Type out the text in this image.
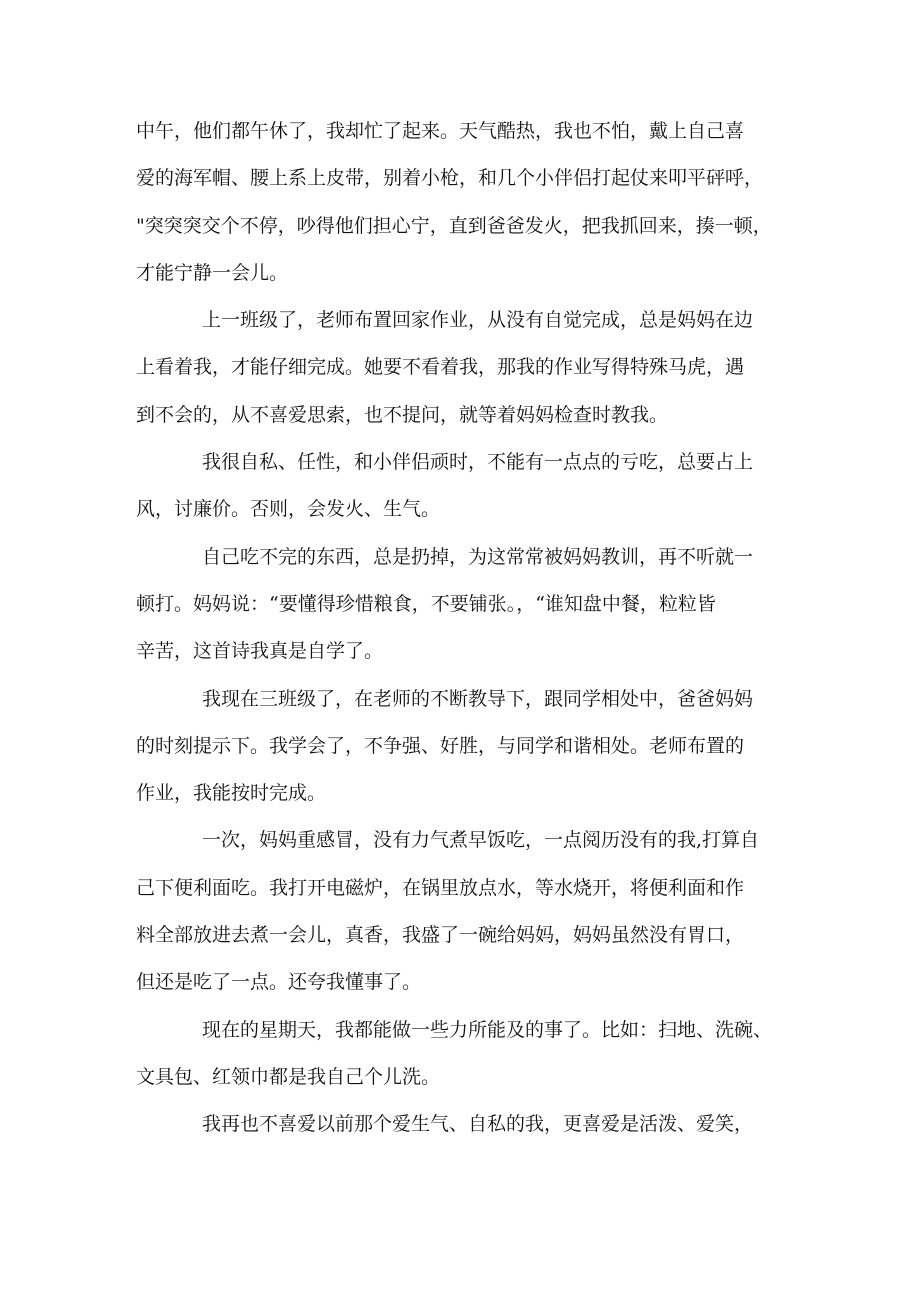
中午，他们都午休了，我却忙了起来。天气酷热，我也不怕，戴上自己喜
爱的海军帽、腰上系上皮带，别着小枪，和几个小伴侣打起仗来叩平砰呼，
"突突突交个不停，吵得他们担心宁，直到爸爸发火，把我抓回来，揍一顿，
才能宁静一会儿。
上一班级了，老师布置回家作业，从没有自觉完成，总是妈妈在边
上看着我，才能仔细完成。她要不看着我，那我的作业写得特殊马虎，遇
到不会的，从不喜爱思索，也不提问，就等着妈妈检查时教我。
我很自私、任性，和小伴侣顽时，不能有一点点的亏吃，总要占上
风，讨廉价。否则，会发火、生气。
自己吃不完的东西，总是扔掉，为这常常被妈妈教训，再不听就一
顿打。妈妈说：“要懂得珍惜粮食，不要铺张。，“谁知盘中餐，粒粒皆
辛苦，这首诗我真是自学了。
我现在三班级了，在老师的不断教导下，跟同学相处中，爸爸妈妈
的时刻提示下。我学会了，不争强、好胜，与同学和谐相处。老师布置的
作业，我能按时完成。
一次，妈妈重感冒，没有力气煮早饭吃，一点阅历没有的我,打算自
己下便利面吃。我打开电磁炉，在锅里放点水，等水烧开，将便利面和作
料全部放进去煮一会儿，真香，我盛了一碗给妈妈，妈妈虽然没有胃口，
但还是吃了一点。还夸我懂事了。
现在的星期天，我都能做一些力所能及的事了。比如：扫地、洗碗、
文具包、红领巾都是我自己个儿洗。
我再也不喜爱以前那个爱生气、自私的我，更喜爱是活泼、爱笑，
